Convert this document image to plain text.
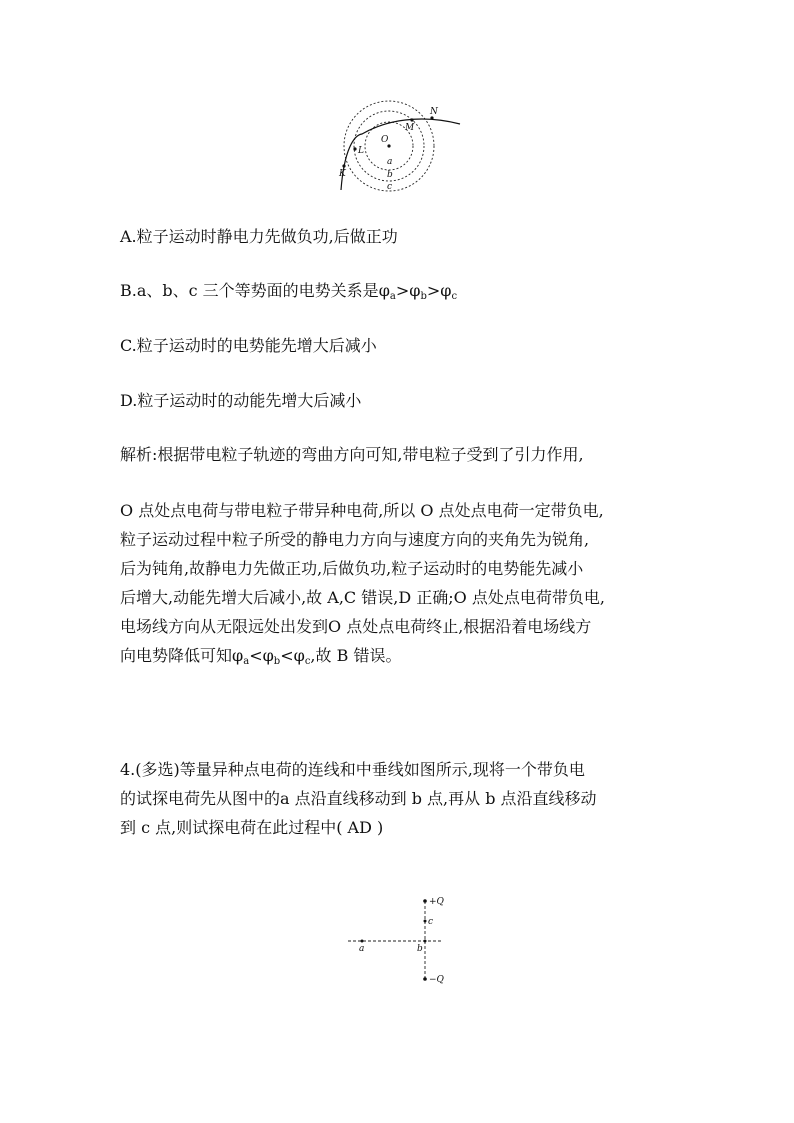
N
M
O
L
K
a
b
c
A.粒子运动时静电力先做负功,后做正功
B.a、b、c 三个等势面的电势关系是$\varphi_a>\varphi_b>\varphi_c$
C.粒子运动时的电势能先增大后减小
D.粒子运动时的动能先增大后减小
解析:根据带电粒子轨迹的弯曲方向可知,带电粒子受到了引力作用,
O 点处点电荷与带电粒子带异种电荷,所以 O 点处点电荷一定带负电,
粒子运动过程中粒子所受的静电力方向与速度方向的夹角先为锐角,
后为钝角,故静电力先做正功,后做负功,粒子运动时的电势能先减小
后增大,动能先增大后减小,故 A,C 错误,D 正确;O 点处点电荷带负电,
电场线方向从无限远处出发到O 点处点电荷终止,根据沿着电场线方
向电势降低可知$\varphi_a<\varphi_b<\varphi_c$,故 B 错误。
4.(多选)等量异种点电荷的连线和中垂线如图所示,现将一个带负电
的试探电荷先从图中的a 点沿直线移动到 b 点,再从 b 点沿直线移动
到 c 点,则试探电荷在此过程中( AD )
+Q
c
a	b
−Q
